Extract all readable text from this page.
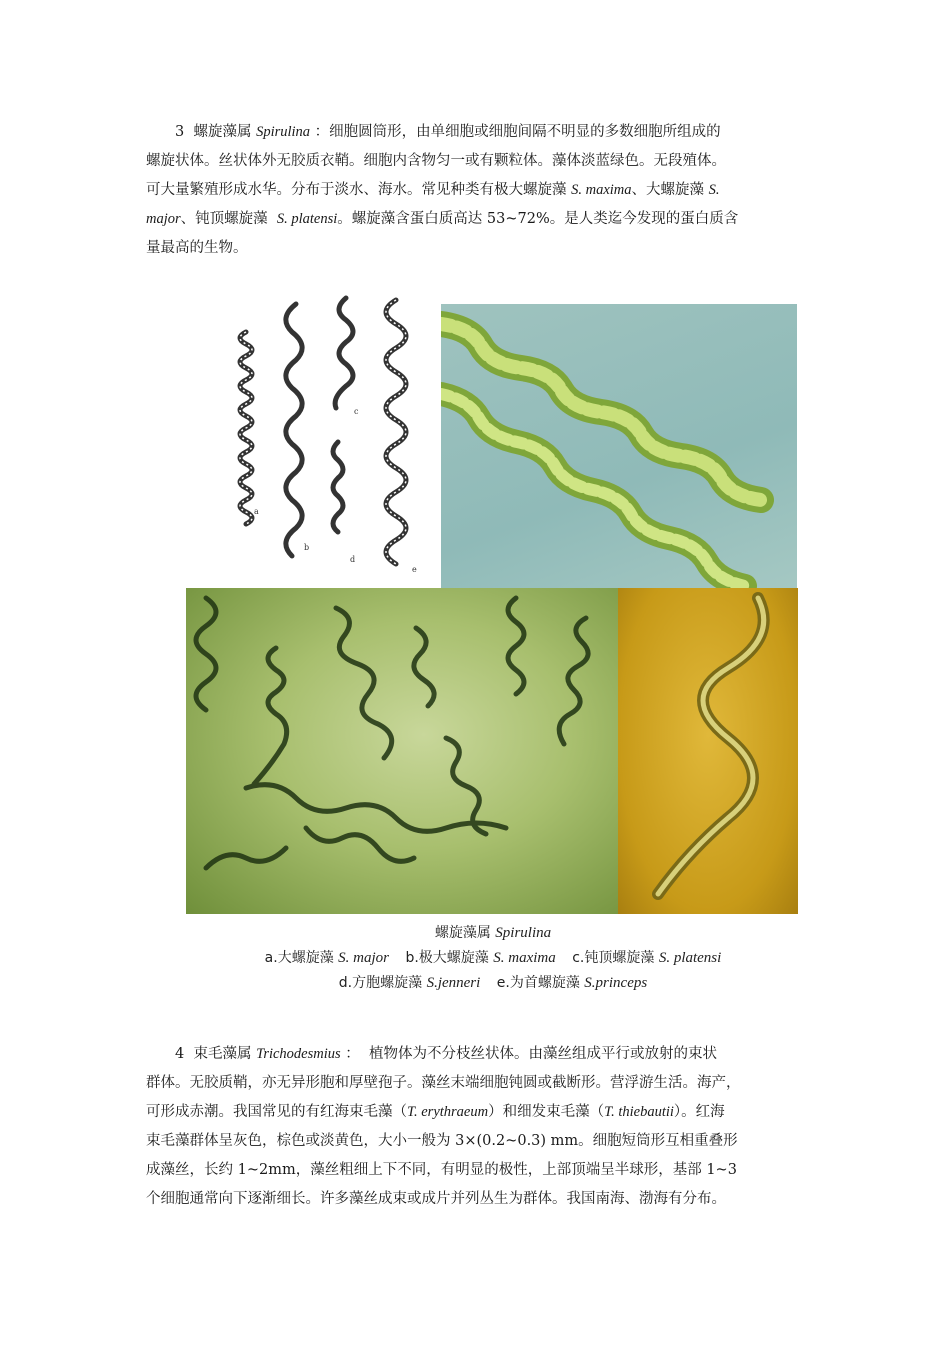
3 螺旋藻属 Spirulina ：细胞圆筒形，由单细胞或细胞间隔不明显的多数细胞所组成的
螺旋状体。丝状体外无胶质衣鞘。细胞内含物匀一或有颗粒体。藻体淡蓝绿色。无段殖体。
可大量繁殖形成水华。分布于淡水、海水。常见种类有极大螺旋藻 S. maxima、大螺旋藻 S.
major、钝顶螺旋藻 S. platensi。螺旋藻含蛋白质高达 53~72%。是人类迄今发现的蛋白质含
量最高的生物。
a
b
c
d
e
螺旋藻属 Spirulina
a.大螺旋藻 S. major b.极大螺旋藻 S. maxima c.钝顶螺旋藻 S. platensi
d.方胞螺旋藻 S.jenneri e.为首螺旋藻 S.princeps
4 束毛藻属 Trichodesmius ：  植物体为不分枝丝状体。由藻丝组成平行或放射的束状
群体。无胶质鞘，亦无异形胞和厚壁孢子。藻丝末端细胞钝圆或截断形。营浮游生活。海产，
可形成赤潮。我国常见的有红海束毛藻（T. erythraeum）和细发束毛藻（T. thiebautii）。红海
束毛藻群体呈灰色，棕色或淡黄色，大小一般为 3×(0.2~0.3) mm。细胞短筒形互相重叠形
成藻丝，长约 1~2mm，藻丝粗细上下不同，有明显的极性，上部顶端呈半球形，基部 1~3
个细胞通常向下逐渐细长。许多藻丝成束或成片并列丛生为群体。我国南海、渤海有分布。
